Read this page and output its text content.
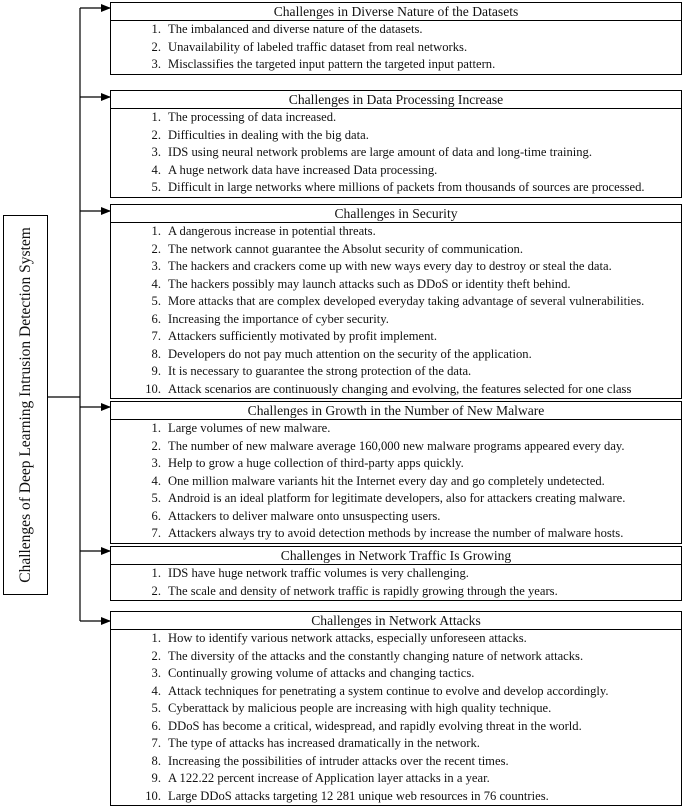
Challenges of Deep Learning Intrusion Detection System
Challenges in Diverse Nature of the Datasets
1. The imbalanced and diverse nature of the datasets.
2. Unavailability of labeled traffic dataset from real networks.
3. Misclassifies the targeted input pattern the targeted input pattern.
Challenges in Data Processing Increase
1. The processing of data increased.
2. Difficulties in dealing with the big data.
3. IDS using neural network problems are large amount of data and long-time training.
4. A huge network data have increased Data processing.
5. Difficult in large networks where millions of packets from thousands of sources are processed.
Challenges in Security
1. A dangerous increase in potential threats.
2. The network cannot guarantee the Absolut security of communication.
3. The hackers and crackers come up with new ways every day to destroy or steal the data.
4. The hackers possibly may launch attacks such as DDoS or identity theft behind.
5. More attacks that are complex developed everyday taking advantage of several vulnerabilities.
6. Increasing the importance of cyber security.
7. Attackers sufficiently motivated by profit implement.
8. Developers do not pay much attention on the security of the application.
9. It is necessary to guarantee the strong protection of the data.
10. Attack scenarios are continuously changing and evolving, the features selected for one class
Challenges in Growth in the Number of New Malware
1. Large volumes of new malware.
2. The number of new malware average 160,000 new malware programs appeared every day.
3. Help to grow a huge collection of third-party apps quickly.
4. One million malware variants hit the Internet every day and go completely undetected.
5. Android is an ideal platform for legitimate developers, also for attackers creating malware.
6. Attackers to deliver malware onto unsuspecting users.
7. Attackers always try to avoid detection methods by increase the number of malware hosts.
Challenges in Network Traffic Is Growing
1. IDS have huge network traffic volumes is very challenging.
2. The scale and density of network traffic is rapidly growing through the years.
Challenges in Network Attacks
1. How to identify various network attacks, especially unforeseen attacks.
2. The diversity of the attacks and the constantly changing nature of network attacks.
3. Continually growing volume of attacks and changing tactics.
4. Attack techniques for penetrating a system continue to evolve and develop accordingly.
5. Cyberattack by malicious people are increasing with high quality technique.
6. DDoS has become a critical, widespread, and rapidly evolving threat in the world.
7. The type of attacks has increased dramatically in the network.
8. Increasing the possibilities of intruder attacks over the recent times.
9. A 122.22 percent increase of Application layer attacks in a year.
10. Large DDoS attacks targeting 12 281 unique web resources in 76 countries.
